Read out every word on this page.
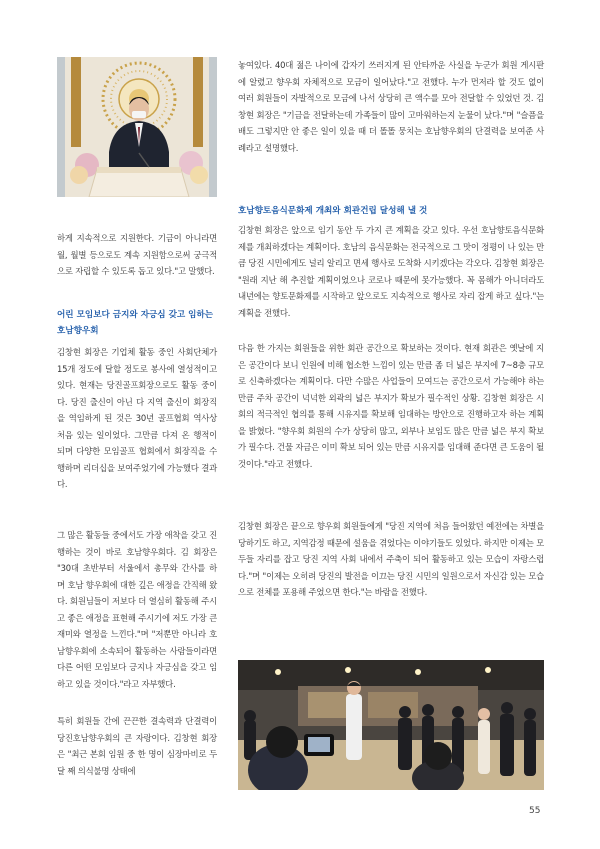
하게 지속적으로 지원한다. 기금이 아니라면 월, 월별 등으로도 계속 지원함으로써 궁극적으로 자립할 수 있도록 돕고 있다."고 말했다.

어린 모임보다 금지와 자긍심 갖고 임하는 호남향우회

김창현 회장은 기업체 활동 중인 사회단체가 15개 정도에 달할 정도로 봉사에 열성적이고 있다. 현재는 당진골프회장으로도 활동 중이다. 당진 출신이 아닌 다 지역 출신이 회장직을 역임하게 된 것은 30년 골프협회 역사상 처음 있는 일이었다. 그만큼 다져 온 행적이 되며 다양한 모임골프 협회에서 회장직을 수행하며 리더십을 보여주었기에 가능했다 결과다.

그 많은 활동들 중에서도 가장 애착을 갖고 진행하는 것이 바로 호남향우회다. 김 회장은 "30대 초반부터 서울에서 총무와 간사를 하며 호남 향우회에 대한 깊은 애정을 간직해 왔다. 회원님들이 저보다 더 열심히 활동해 주시고 좋은 애정을 표현해 주시기에 저도 가장 큰 재미와 열정을 느낀다."며 "저뿐만 아니라 호남향우회에 소속되어 활동하는 사람들이라면 다른 어떤 모임보다 긍지나 자긍심을 갖고 임하고 있을 것이다."라고 자부했다.

특히 회원들 간에 끈끈한 결속력과 단결력이 당진호남향우회의 큰 자랑이다. 김창현 회장은 "최근 본회 임원 중 한 명이 심장마비로 두 달 째 의식불명 상태에

놓여있다. 40대 젊은 나이에 갑자기 쓰러지게 된 안타까운 사실을 누군가 회원 게시판에 알렸고 향우회 자체적으로 모금이 일어났다."고 전했다. 누가 먼저라 할 것도 없이 여러 회원들이 자발적으로 모금에 나서 상당히 큰 액수를 모아 전달할 수 있었던 것. 김창현 회장은 "기금을 전달하는데 가족들이 많이 고마워하는지 눈물이 났다."며 "슬픔을 배도 그렇지만 안 좋은 일이 있을 때 더 똘똘 뭉치는 호남향우회의 단결력을 보여준 사례라고 설명했다.

호남향토음식문화제 개최와 회관건립 달성해 낼 것

김창현 회장은 앞으로 임기 동안 두 가지 큰 계획을 갖고 있다. 우선 호남향토음식문화제를 개최하겠다는 계획이다. 호남의 음식문화는 전국적으로 그 맛이 정평이 나 있는 만큼 당진 시민에게도 널리 알리고 면세 행사로 도착화 시키겠다는 각오다. 김창현 회장은 "원래 지난 해 추진할 계획이었으나 코로나 때문에 못가능했다. 꼭 몸해가 아니더라도 내년에는 향토문화제를 시작하고 앞으로도 지속적으로 행사로 자리 잡게 하고 싶다."는 계획을 전했다.

다음 한 가지는 회원들을 위한 회관 공간으로 확보하는 것이다. 현재 회관은 옛날에 지은 공간이다 보니 인원에 비해 협소한 느낌이 있는 만큼 좀 더 넓은 부지에 7~8층 규모로 신축하겠다는 계획이다. 다만 수많은 사업들이 모여드는 공간으로서 가능해야 하는 만큼 주차 공간이 넉넉한 외곽의 넓은 부지가 확보가 필수적인 상황. 김창현 회장은 시회의 적극적인 협의를 통해 시유지를 확보해 임대하는 방안으로 진행하고자 하는 계획을 밝혔다. "향우회 회원의 수가 상당히 많고, 외부나 보임도 많은 만큼 넓은 부지 확보가 필수다. 건물 자금은 이미 확보 되어 있는 만큼 시유지를 임대해 준다면 큰 도움이 될 것이다."라고 전했다.

김창현 회장은 끝으로 향우회 회원들에게 "당진 지역에 처음 들어왔던 예전에는 차별을 당하기도 하고, 지역감정 때문에 설움을 겪었다는 이야기들도 있었다. 하지만 이제는 모두들 자리를 잡고 당진 지역 사회 내에서 주축이 되어 활동하고 있는 모습이 자랑스럽다."며 "이제는 오히려 당진의 발전을 이끄는 당진 시민의 일원으로서 자신감 있는 모습으로 전체를 포용해 주었으면 한다."는 바람을 전했다.

55
